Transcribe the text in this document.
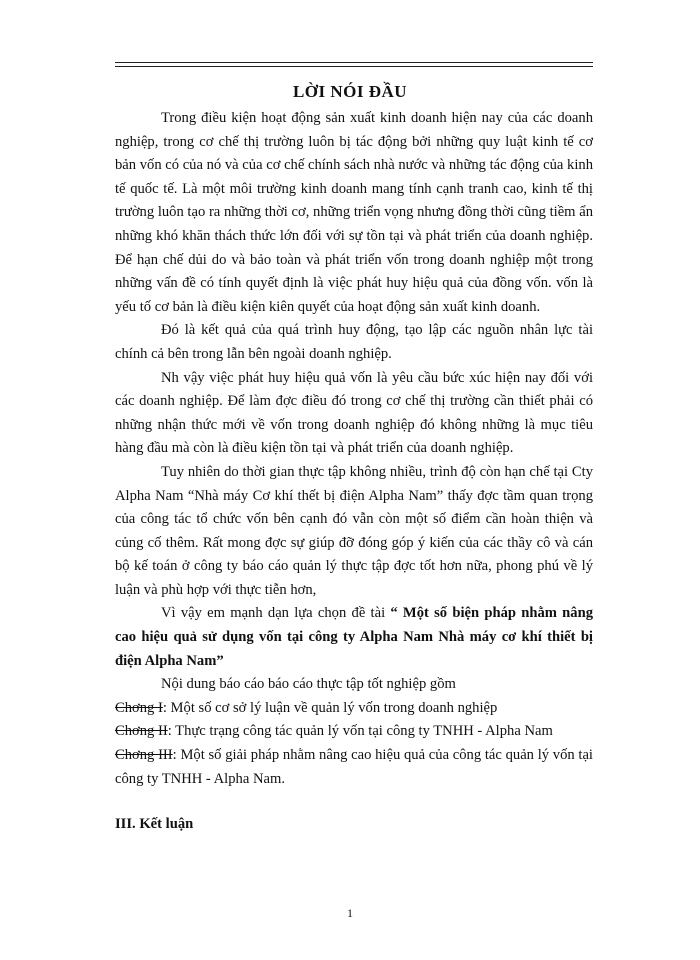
LỜI NÓI ĐẦU

Trong điều kiện hoạt động sản xuất kinh doanh hiện nay của các doanh nghiệp, trong cơ chế thị trường luôn bị tác động bởi những quy luật kinh tế cơ bản vốn có của nó và của cơ chế chính sách nhà nước và những tác động của kinh tế quốc tế. Là một môi trường kinh doanh mang tính cạnh tranh cao, kinh tế thị trường luôn tạo ra những thời cơ, những triển vọng nhưng đồng thời cũng tiềm ẩn những khó khăn thách thức lớn đối với sự tồn tại và phát triển của doanh nghiệp. Để hạn chế dủi do và bảo toàn và phát triển vốn trong doanh nghiệp một trong những vấn đề có tính quyết định là việc phát huy hiệu quả của đồng vốn. vốn là yếu tố cơ bản là điều kiện kiên quyết của hoạt động sản xuất kinh doanh.

Đó là kết quả của quá trình huy động, tạo lập các nguồn nhân lực tài chính cả bên trong lẫn bên ngoài doanh nghiệp.

Nh vậy việc phát huy hiệu quả vốn là yêu cầu bức xúc hiện nay đối với các doanh nghiệp. Để làm đợc điều đó trong cơ chế thị trường cần thiết phải có những nhận thức mới về vốn trong doanh nghiệp đó không những là mục tiêu hàng đầu mà còn là điều kiện tồn tại và phát triển của doanh nghiệp.

Tuy nhiên do thời gian thực tập không nhiều, trình độ còn hạn chế tại Cty Alpha Nam “Nhà máy Cơ khí thết bị điện Alpha Nam” thấy đợc tầm quan trọng của công tác tổ chức vốn bên cạnh đó vẫn còn một số điểm cần hoàn thiện và củng cố thêm. Rất mong đợc sự giúp đỡ đóng góp ý kiến của các thầy cô và cán bộ kế toán ở công ty báo cáo quản lý thực tập đợc tốt hơn nữa, phong phú về lý luận và phù hợp với thực tiễn hơn,

Vì vậy em mạnh dạn lựa chọn đề tài “ Một số biện pháp nhằm nâng cao hiệu quả sử dụng vốn tại công ty Alpha Nam Nhà máy cơ khí thiết bị điện Alpha Nam”

Nội dung báo cáo báo cáo thực tập tốt nghiệp gồm

Chơng I: Một số cơ sở lý luận về quản lý vốn trong doanh nghiệp

Chơng II: Thực trạng công tác quản lý vốn tại công ty TNHH - Alpha Nam

Chơng III: Một số giải pháp nhằm nâng cao hiệu quả của công tác quản lý vốn tại công ty TNHH - Alpha Nam.

III. Kết luận

1
